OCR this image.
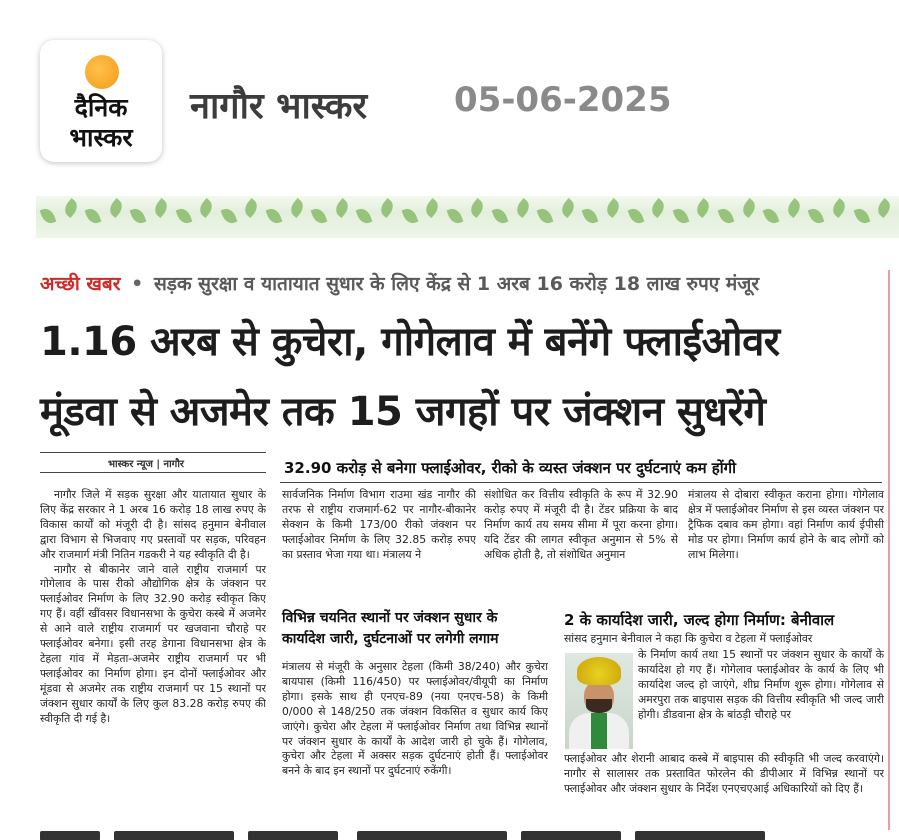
दैनिक
भास्कर
नागौर भास्कर	05-06-2025
अच्छी खबर • सड़क सुरक्षा व यातायात सुधार के लिए केंद्र से 1 अरब 16 करोड़ 18 लाख रुपए मंजूर
1.16 अरब से कुचेरा, गोगेलाव में बनेंगे फ्लाईओवर
मूंडवा से अजमेर तक 15 जगहों पर जंक्शन सुधरेंगे
भास्कर न्यूज | नागौर

नागौर जिले में सड़क सुरक्षा और यातायात सुधार के लिए केंद्र सरकार ने 1 अरब 16 करोड़ 18 लाख रुपए के विकास कार्यों को मंजूरी दी है। सांसद हनुमान बेनीवाल द्वारा विभाग से भिजवाए गए प्रस्तावों पर सड़क, परिवहन और राजमार्ग मंत्री नितिन गडकरी ने यह स्वीकृति दी है।

नागौर से बीकानेर जाने वाले राष्ट्रीय राजमार्ग पर गोगेलाव के पास रीको औद्योगिक क्षेत्र के जंक्शन पर फ्लाईओवर निर्माण के लिए 32.90 करोड़ स्वीकृत किए गए हैं। वहीं खींवसर विधानसभा के कुचेरा कस्बे में अजमेर से आने वाले राष्ट्रीय राजमार्ग पर खजवाना चौराहे पर फ्लाईओवर बनेगा। इसी तरह डेगाना विधानसभा क्षेत्र के टेहला गांव में मेड़ता-अजमेर राष्ट्रीय राजमार्ग पर भी फ्लाईओवर का निर्माण होगा। इन दोनों फ्लाईओवर और मूंडवा से अजमेर तक राष्ट्रीय राजमार्ग पर 15 स्थानों पर जंक्शन सुधार कार्यों के लिए कुल 83.28 करोड़ रुपए की स्वीकृति दी गई है।

32.90 करोड़ से बनेगा फ्लाईओवर, रीको के व्यस्त जंक्शन पर दुर्घटनाएं कम होंगी
सार्वजनिक निर्माण विभाग राउमा खंड नागौर की तरफ से राष्ट्रीय राजमार्ग-62 पर नागौर-बीकानेर सेक्शन के किमी 173/00 रीको जंक्शन पर फ्लाईओवर निर्माण के लिए 32.85 करोड़ रुपए का प्रस्ताव भेजा गया था। मंत्रालय ने
संशोधित कर वित्तीय स्वीकृति के रूप में 32.90 करोड़ रुपए में मंजूरी दी है। टेंडर प्रक्रिया के बाद निर्माण कार्य तय समय सीमा में पूरा करना होगा। यदि टेंडर की लागत स्वीकृत अनुमान से 5% से अधिक होती है, तो संशोधित अनुमान
मंत्रालय से दोबारा स्वीकृत कराना होगा। गोगेलाव क्षेत्र में फ्लाईओवर निर्माण से इस व्यस्त जंक्शन पर ट्रैफिक दबाव कम होगा। वहां निर्माण कार्य ईपीसी मोड पर होगा। निर्माण कार्य होने के बाद लोगों को लाभ मिलेगा।
विभिन्न चयनित स्थानों पर जंक्शन सुधार के
कार्यादेश जारी, दुर्घटनाओं पर लगेगी लगाम
मंत्रालय से मंजूरी के अनुसार टेहला (किमी 38/240) और कुचेरा बायपास (किमी 116/450) पर फ्लाईओवर/वीयूपी का निर्माण होगा। इसके साथ ही एनएच-89 (नया एनएच-58) के किमी 0/000 से 148/250 तक जंक्शन विकसित व सुधार कार्य किए जाएंगे। कुचेरा और टेहला में फ्लाईओवर निर्माण तथा विभिन्न स्थानों पर जंक्शन सुधार के कार्यों के आदेश जारी हो चुके हैं। गोगेलाव, कुचेरा और टेहला में अक्सर सड़क दुर्घटनाएं होती हैं। फ्लाईओवर बनने के बाद इन स्थानों पर दुर्घटनाएं रुकेंगी।
2 के कार्यादेश जारी, जल्द होगा निर्माण: बेनीवाल
सांसद हनुमान बेनीवाल ने कहा कि कुचेरा व टेहला में फ्लाईओवर
के निर्माण कार्य तथा 15 स्थानों पर जंक्शन सुधार के कार्यों के कार्यादेश हो गए हैं। गोगेलाव फ्लाईओवर के कार्य के लिए भी कार्यादेश जल्द हो जाएंगे, शीघ्र निर्माण शुरू होगा। गोगेलाव से अमरपुरा तक बाइपास सड़क की वित्तीय स्वीकृति भी जल्द जारी होगी। डीडवाना क्षेत्र के बांठड़ी चौराहे पर
फ्लाईओवर और शेरानी आबाद कस्बे में बाइपास की स्वीकृति भी जल्द करवाएंगे। नागौर से सालासर तक प्रस्तावित फोरलेन की डीपीआर में विभिन्न स्थानों पर फ्लाईओवर और जंक्शन सुधार के निर्देश एनएचएआई अधिकारियों को दिए हैं।
